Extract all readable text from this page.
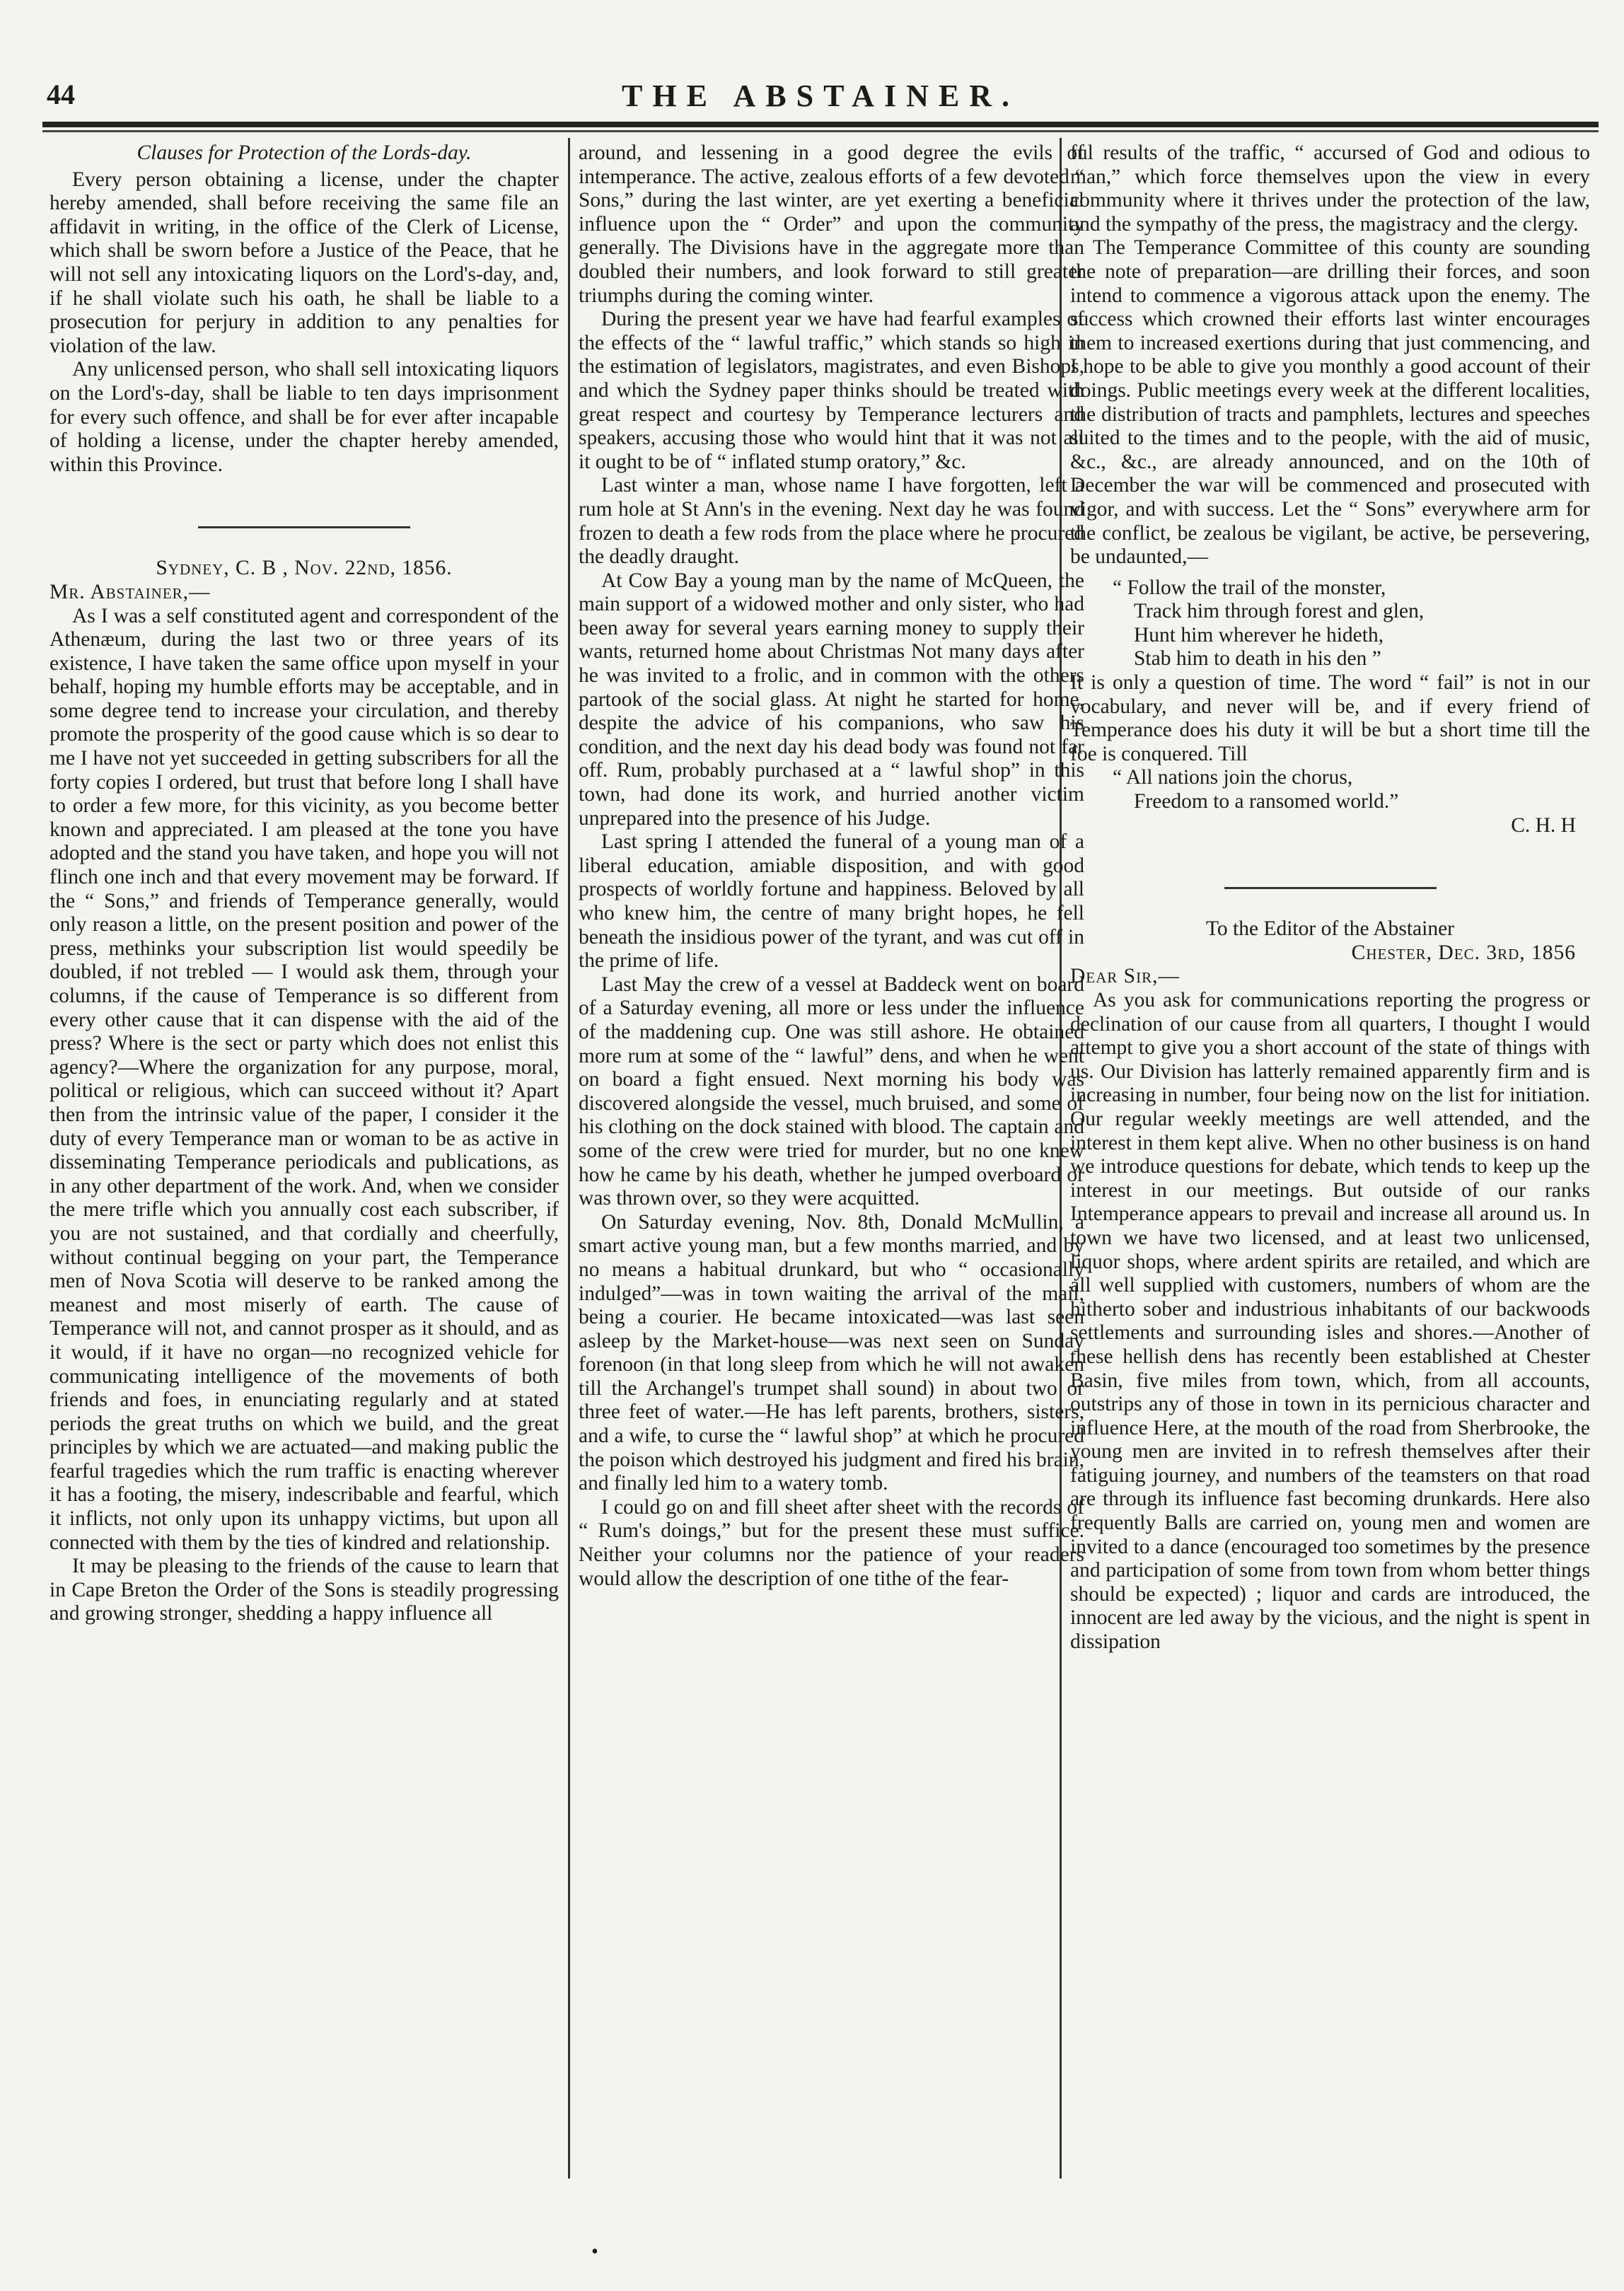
44	THE ABSTAINER.

Clauses for Protection of the Lords-day.

Every person obtaining a license, under the chapter hereby amended, shall before receiving the same file an affidavit in writing, in the office of the Clerk of License, which shall be sworn before a Justice of the Peace, that he will not sell any intoxicating liquors on the Lord's-day, and, if he shall violate such his oath, he shall be liable to a prosecution for perjury in addition to any penalties for violation of the law.

Any unlicensed person, who shall sell intoxicating liquors on the Lord's-day, shall be liable to ten days imprisonment for every such offence, and shall be for ever after incapable of holding a license, under the chapter hereby amended, within this Province.

Sydney, C. B , Nov. 22nd, 1856.

Mr. Abstainer,—

As I was a self constituted agent and correspondent of the Athenæum, during the last two or three years of its existence, I have taken the same office upon myself in your behalf, hoping my humble efforts may be acceptable, and in some degree tend to increase your circulation, and thereby promote the prosperity of the good cause which is so dear to me I have not yet succeeded in getting subscribers for all the forty copies I ordered, but trust that before long I shall have to order a few more, for this vicinity, as you become better known and appreciated. I am pleased at the tone you have adopted and the stand you have taken, and hope you will not flinch one inch and that every movement may be forward. If the “ Sons,” and friends of Temperance generally, would only reason a little, on the present position and power of the press, methinks your subscription list would speedily be doubled, if not trebled — I would ask them, through your columns, if the cause of Temperance is so different from every other cause that it can dispense with the aid of the press? Where is the sect or party which does not enlist this agency?—Where the organization for any purpose, moral, political or religious, which can succeed without it? Apart then from the intrinsic value of the paper, I consider it the duty of every Temperance man or woman to be as active in disseminating Temperance periodicals and publications, as in any other department of the work. And, when we consider the mere trifle which you annually cost each subscriber, if you are not sustained, and that cordially and cheerfully, without continual begging on your part, the Temperance men of Nova Scotia will deserve to be ranked among the meanest and most miserly of earth. The cause of Temperance will not, and cannot prosper as it should, and as it would, if it have no organ—no recognized vehicle for communicating intelligence of the movements of both friends and foes, in enunciating regularly and at stated periods the great truths on which we build, and the great principles by which we are actuated—and making public the fearful tragedies which the rum traffic is enacting wherever it has a footing, the misery, indescribable and fearful, which it inflicts, not only upon its unhappy victims, but upon all connected with them by the ties of kindred and relationship.

It may be pleasing to the friends of the cause to learn that in Cape Breton the Order of the Sons is steadily progressing and growing stronger, shedding a happy influence all

around, and lessening in a good degree the evils of intemperance. The active, zealous efforts of a few devoted “ Sons,” during the last winter, are yet exerting a beneficial influence upon the “ Order” and upon the community generally. The Divisions have in the aggregate more than doubled their numbers, and look forward to still greater triumphs during the coming winter.

During the present year we have had fearful examples of the effects of the “ lawful traffic,” which stands so high in the estimation of legislators, magistrates, and even Bishops, and which the Sydney paper thinks should be treated with great respect and courtesy by Temperance lecturers and speakers, accusing those who would hint that it was not all it ought to be of “ inflated stump oratory,” &c.

Last winter a man, whose name I have forgotten, left a rum hole at St Ann's in the evening. Next day he was found frozen to death a few rods from the place where he procured the deadly draught.

At Cow Bay a young man by the name of McQueen, the main support of a widowed mother and only sister, who had been away for several years earning money to supply their wants, returned home about Christmas Not many days after he was invited to a frolic, and in common with the others partook of the social glass. At night he started for home, despite the advice of his companions, who saw his condition, and the next day his dead body was found not far off. Rum, probably purchased at a “ lawful shop” in this town, had done its work, and hurried another victim unprepared into the presence of his Judge.

Last spring I attended the funeral of a young man of a liberal education, amiable disposition, and with good prospects of worldly fortune and happiness. Beloved by all who knew him, the centre of many bright hopes, he fell beneath the insidious power of the tyrant, and was cut off in the prime of life.

Last May the crew of a vessel at Baddeck went on board of a Saturday evening, all more or less under the influence of the maddening cup. One was still ashore. He obtained more rum at some of the “ lawful” dens, and when he went on board a fight ensued. Next morning his body was discovered alongside the vessel, much bruised, and some of his clothing on the dock stained with blood. The captain and some of the crew were tried for murder, but no one knew how he came by his death, whether he jumped overboard or was thrown over, so they were acquitted.

On Saturday evening, Nov. 8th, Donald McMullin, a smart active young man, but a few months married, and by no means a habitual drunkard, but who “ occasionally indulged”—was in town waiting the arrival of the mail, being a courier. He became intoxicated—was last seen asleep by the Market-house—was next seen on Sunday forenoon (in that long sleep from which he will not awaken till the Archangel's trumpet shall sound) in about two or three feet of water.—He has left parents, brothers, sisters, and a wife, to curse the “ lawful shop” at which he procured the poison which destroyed his judgment and fired his brain, and finally led him to a watery tomb.

I could go on and fill sheet after sheet with the records of “ Rum's doings,” but for the present these must suffice. Neither your columns nor the patience of your readers would allow the description of one tithe of the fear-

ful results of the traffic, “ accursed of God and odious to man,” which force themselves upon the view in every community where it thrives under the protection of the law, and the sympathy of the press, the magistracy and the clergy.

The Temperance Committee of this county are sounding the note of preparation—are drilling their forces, and soon intend to commence a vigorous attack upon the enemy. The success which crowned their efforts last winter encourages them to increased exertions during that just commencing, and I hope to be able to give you monthly a good account of their doings. Public meetings every week at the different localities, the distribution of tracts and pamphlets, lectures and speeches suited to the times and to the people, with the aid of music, &c., &c., are already announced, and on the 10th of December the war will be commenced and prosecuted with vigor, and with success. Let the “ Sons” everywhere arm for the conflict, be zealous be vigilant, be active, be persevering, be undaunted,—

“ Follow the trail of the monster,

Track him through forest and glen,

Hunt him wherever he hideth,

Stab him to death in his den ”

It is only a question of time. The word “ fail” is not in our vocabulary, and never will be, and if every friend of Temperance does his duty it will be but a short time till the foe is conquered. Till

“ All nations join the chorus,

Freedom to a ransomed world.”

C. H. H

To the Editor of the Abstainer

Chester, Dec. 3rd, 1856

Dear Sir,—

As you ask for communications reporting the progress or declination of our cause from all quarters, I thought I would attempt to give you a short account of the state of things with us. Our Division has latterly remained apparently firm and is increasing in number, four being now on the list for initiation. Our regular weekly meetings are well attended, and the interest in them kept alive. When no other business is on hand we introduce questions for debate, which tends to keep up the interest in our meetings. But outside of our ranks Intemperance appears to prevail and increase all around us. In town we have two licensed, and at least two unlicensed, liquor shops, where ardent spirits are retailed, and which are all well supplied with customers, numbers of whom are the hitherto sober and industrious inhabitants of our backwoods settlements and surrounding isles and shores.—Another of these hellish dens has recently been established at Chester Basin, five miles from town, which, from all accounts, outstrips any of those in town in its pernicious character and influence Here, at the mouth of the road from Sherbrooke, the young men are invited in to refresh themselves after their fatiguing journey, and numbers of the teamsters on that road are through its influence fast becoming drunkards. Here also frequently Balls are carried on, young men and women are invited to a dance (encouraged too sometimes by the presence and participation of some from town from whom better things should be expected) ; liquor and cards are introduced, the innocent are led away by the vicious, and the night is spent in dissipation

•
